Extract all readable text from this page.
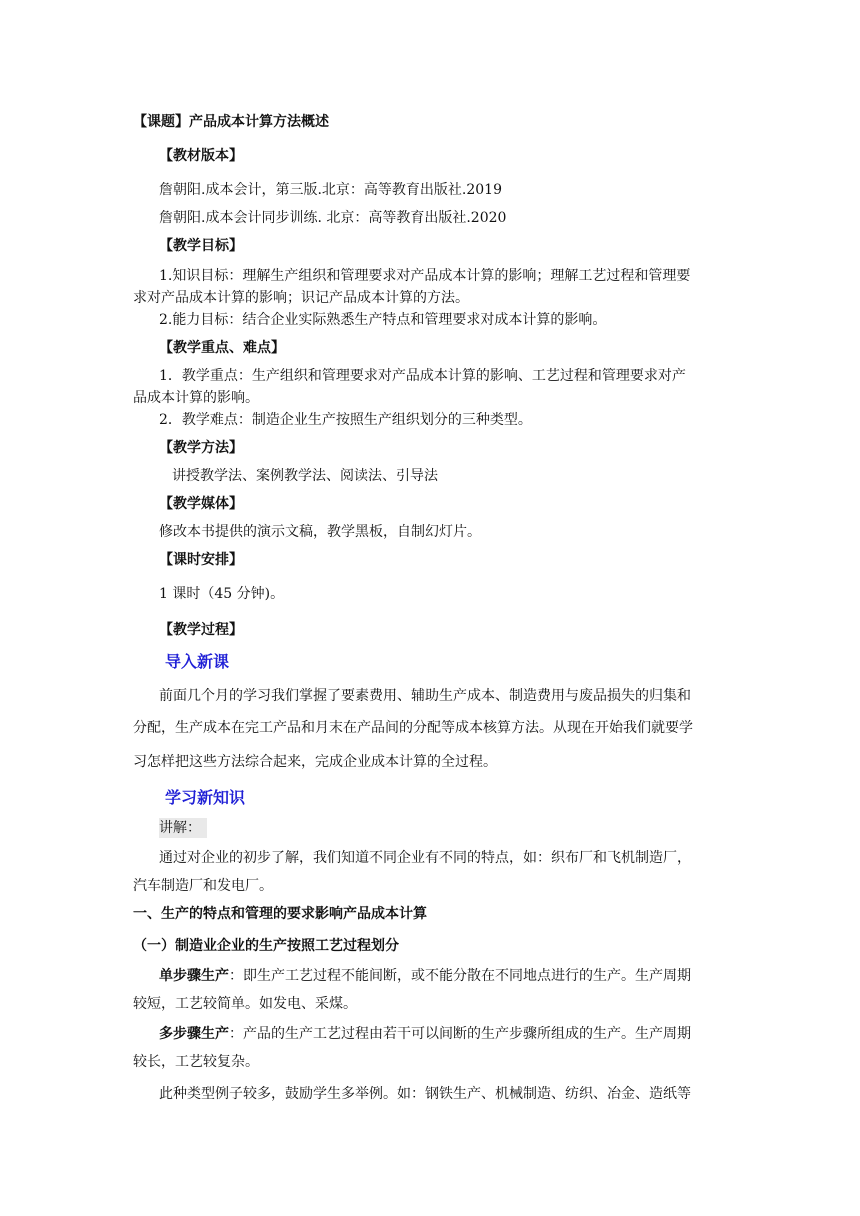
【课题】产品成本计算方法概述
【教材版本】
詹朝阳.成本会计，第三版.北京：高等教育出版社.2019
詹朝阳.成本会计同步训练. 北京：高等教育出版社.2020
【教学目标】
1.知识目标：理解生产组织和管理要求对产品成本计算的影响；理解工艺过程和管理要
求对产品成本计算的影响；识记产品成本计算的方法。
2.能力目标：结合企业实际熟悉生产特点和管理要求对成本计算的影响。
【教学重点、难点】
1．教学重点：生产组织和管理要求对产品成本计算的影响、工艺过程和管理要求对产
品成本计算的影响。
2．教学难点：制造企业生产按照生产组织划分的三种类型。
【教学方法】
讲授教学法、案例教学法、阅读法、引导法
【教学媒体】
修改本书提供的演示文稿，教学黑板，自制幻灯片。
【课时安排】
1 课时（45 分钟)。
【教学过程】
导入新课
前面几个月的学习我们掌握了要素费用、辅助生产成本、制造费用与废品损失的归集和
分配，生产成本在完工产品和月末在产品间的分配等成本核算方法。从现在开始我们就要学
习怎样把这些方法综合起来，完成企业成本计算的全过程。
学习新知识
讲解：
通过对企业的初步了解，我们知道不同企业有不同的特点，如：织布厂和飞机制造厂，
汽车制造厂和发电厂。
一、生产的特点和管理的要求影响产品成本计算
（一）制造业企业的生产按照工艺过程划分
单步骤生产：即生产工艺过程不能间断，或不能分散在不同地点进行的生产。生产周期
较短，工艺较简单。如发电、采煤。
多步骤生产：产品的生产工艺过程由若干可以间断的生产步骤所组成的生产。生产周期
较长，工艺较复杂。
此种类型例子较多，鼓励学生多举例。如：钢铁生产、机械制造、纺织、冶金、造纸等
